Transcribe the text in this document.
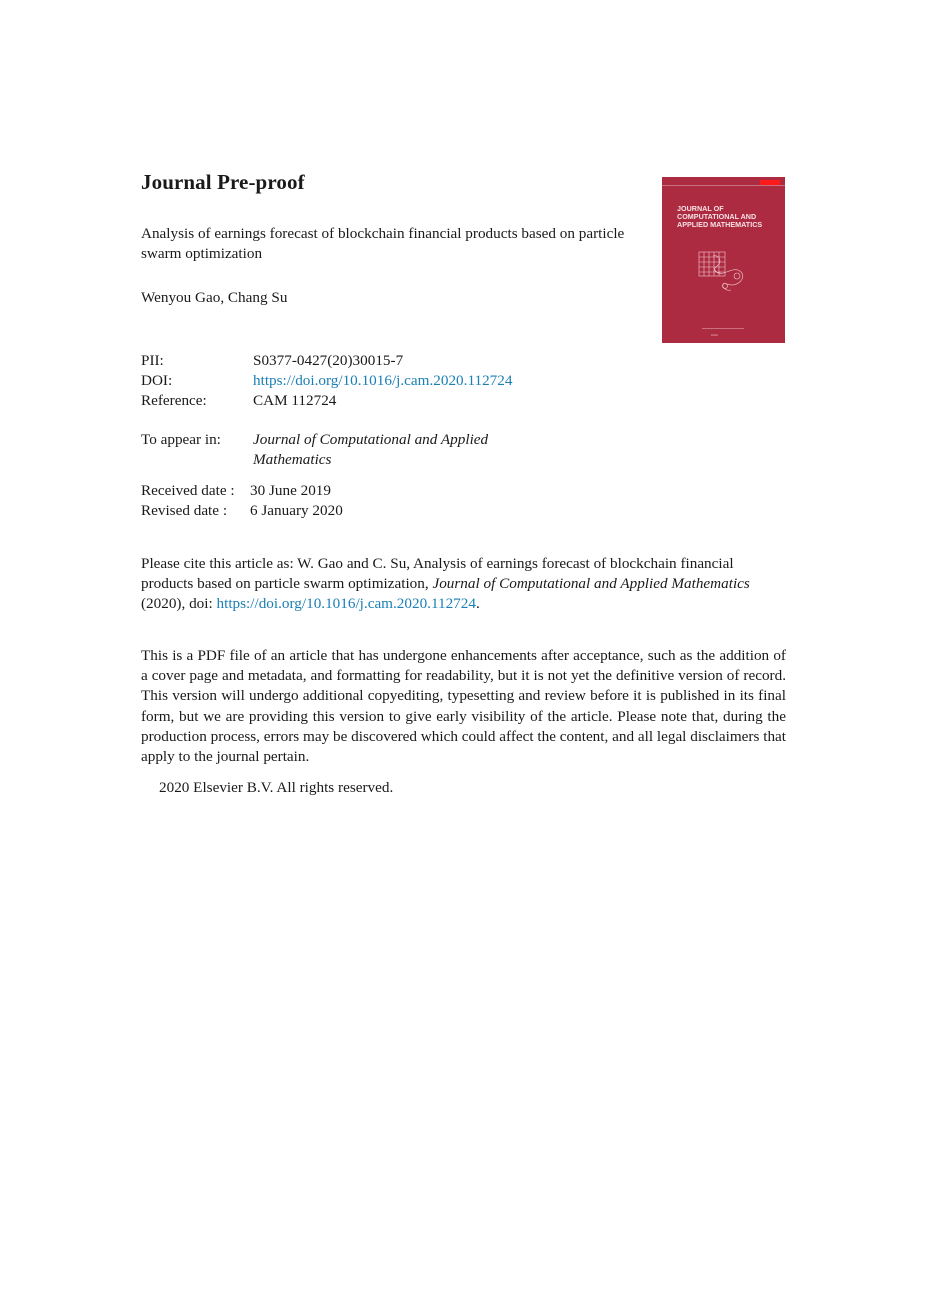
Journal Pre-proof
Analysis of earnings forecast of blockchain financial products based on particle swarm optimization
Wenyou Gao, Chang Su
PII:	S0377-0427(20)30015-7
DOI:	https://doi.org/10.1016/j.cam.2020.112724
Reference:	CAM 112724
To appear in: Journal of Computational and Applied
Mathematics
Received date : 30 June 2019
Revised date : 6 January 2020
Please cite this article as: W. Gao and C. Su, Analysis of earnings forecast of blockchain financial products based on particle swarm optimization, Journal of Computational and Applied Mathematics (2020), doi: https://doi.org/10.1016/j.cam.2020.112724.
This is a PDF file of an article that has undergone enhancements after acceptance, such as the addition of a cover page and metadata, and formatting for readability, but it is not yet the definitive version of record. This version will undergo additional copyediting, typesetting and review before it is published in its final form, but we are providing this version to give early visibility of the article. Please note that, during the production process, errors may be discovered which could affect the content, and all legal disclaimers that apply to the journal pertain.
2020 Elsevier B.V. All rights reserved.
JOURNAL OF COMPUTATIONAL AND APPLIED MATHEMATICS
▪▪▪▪▪▪
